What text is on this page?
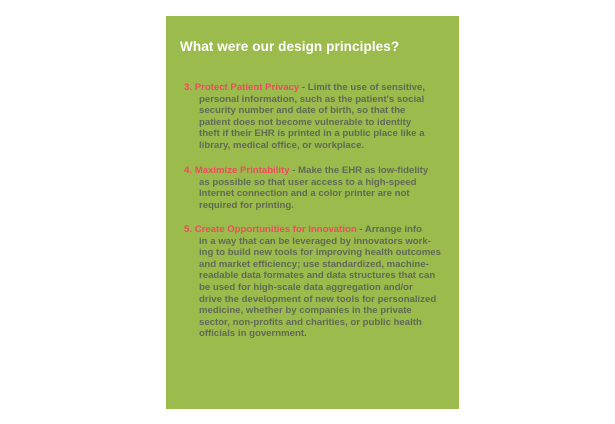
What were our design principles?
3. Protect Patient Privacy - Limit the use of sensitive,
personal information, such as the patient's social
security number and date of birth, so that the
patient does not become vulnerable to identity
theft if their EHR is printed in a public place like a
library, medical office, or workplace.
4. Maximize Printability - Make the EHR as low-fidelity
as possible so that user access to a high-speed
Internet connection and a color printer are not
required for printing.
5. Create Opportunities for Innovation - Arrange info
in a way that can be leveraged by innovators work-
ing to build new tools for improving health outcomes
and market efficiency; use standardized, machine-
readable data formates and data structures that can
be used for high-scale data aggregation and/or
drive the development of new tools for personalized
medicine, whether by companies in the private
sector, non-profits and charities, or public health
officials in government.
